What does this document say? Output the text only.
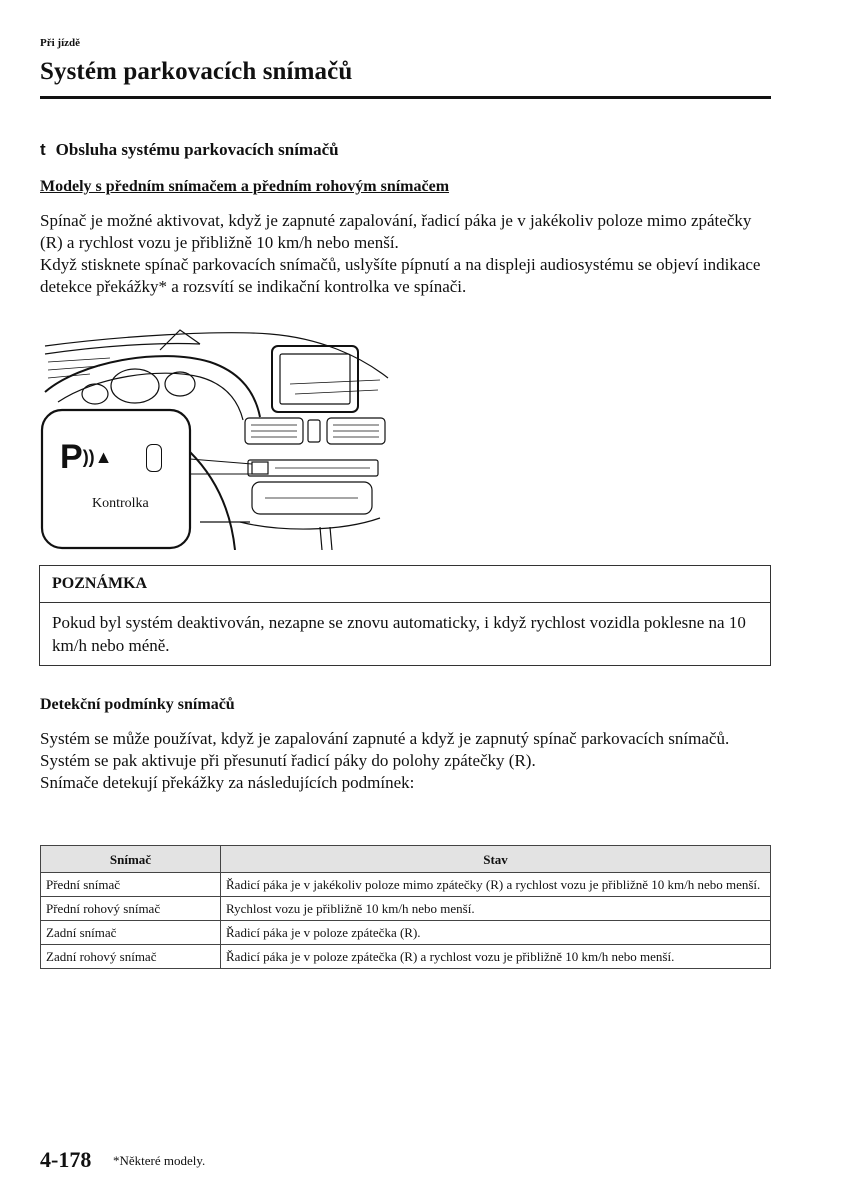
Při jízdě
Systém parkovacích snímačů
t Obsluha systému parkovacích snímačů
Modely s předním snímačem a předním rohovým snímačem
Spínač je možné aktivovat, když je zapnuté zapalování, řadicí páka je v jakékoliv poloze mimo zpátečky (R) a rychlost vozu je přibližně 10 km/h nebo menší.
Když stisknete spínač parkovacích snímačů, uslyšíte pípnutí a na displeji audiosystému se objeví indikace detekce překážky* a rozsvítí se indikační kontrolka ve spínači.
P))▲
Kontrolka
POZNÁMKA
Pokud byl systém deaktivován, nezapne se znovu automaticky, i když rychlost vozidla poklesne na 10 km/h nebo méně.
Detekční podmínky snímačů
Systém se může používat, když je zapalování zapnuté a když je zapnutý spínač parkovacích snímačů.
Systém se pak aktivuje při přesunutí řadicí páky do polohy zpátečky (R).
Snímače detekují překážky za následujících podmínek:
Snímač	Stav
Přední snímač	Řadicí páka je v jakékoliv poloze mimo zpátečky (R) a rychlost vozu je přibližně 10 km/h nebo menší.
Přední rohový snímač	Rychlost vozu je přibližně 10 km/h nebo menší.
Zadní snímač	Řadicí páka je v poloze zpátečka (R).
Zadní rohový snímač	Řadicí páka je v poloze zpátečka (R) a rychlost vozu je přibližně 10 km/h nebo menší.
4-178 *Některé modely.
